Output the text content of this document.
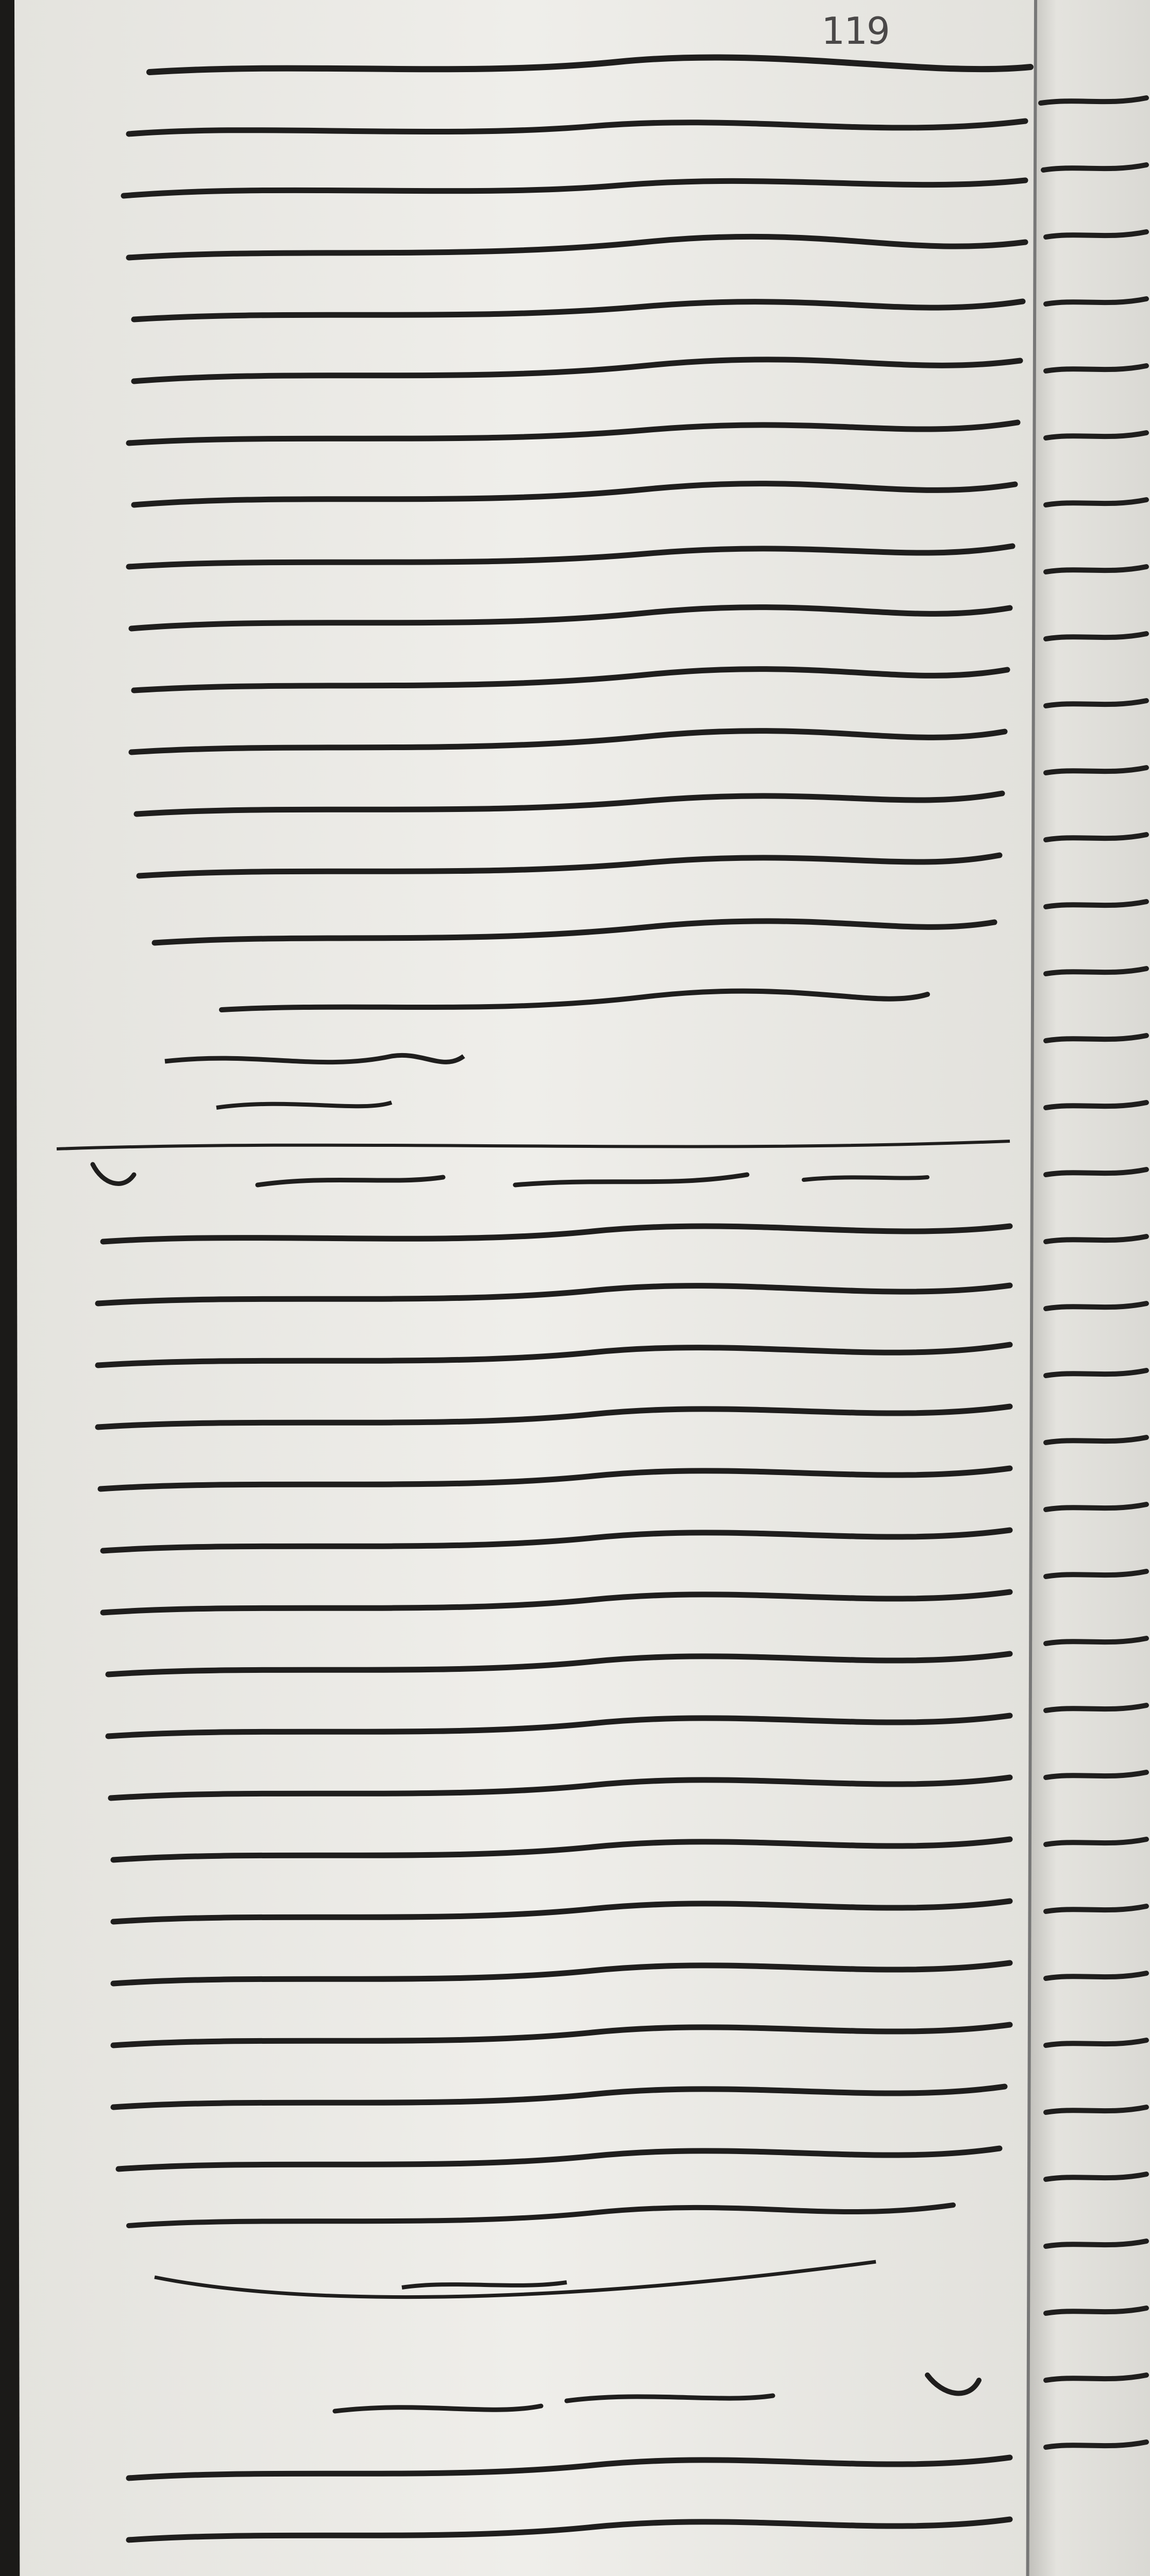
119
